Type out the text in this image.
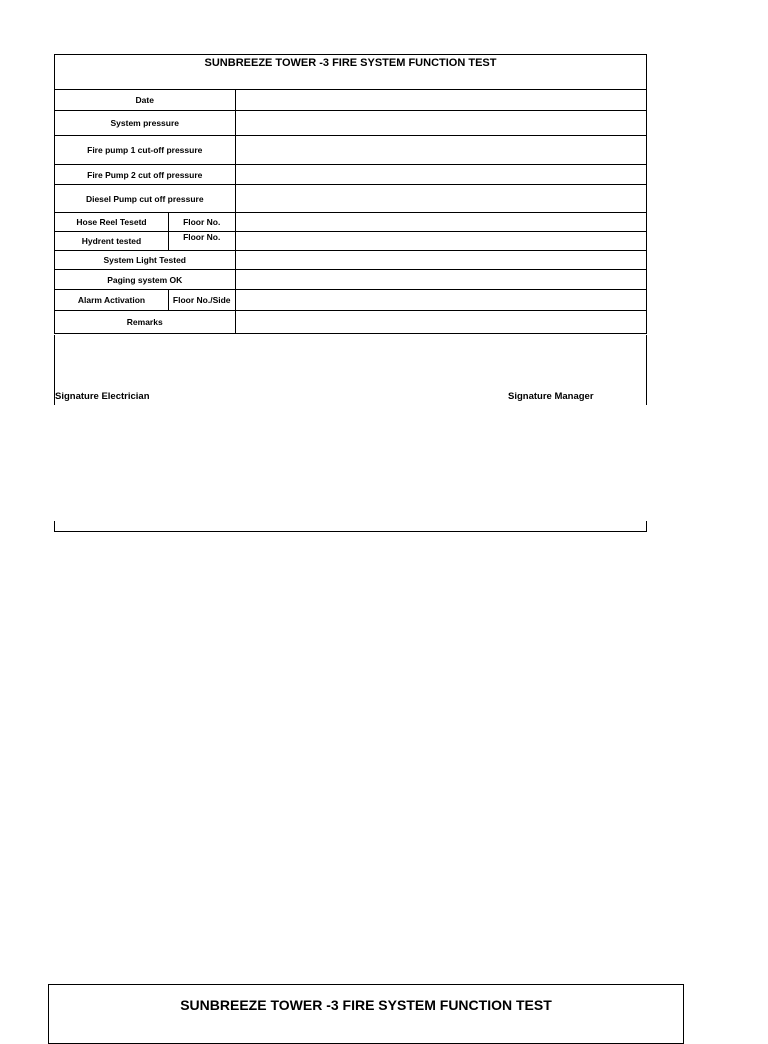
SUNBREEZE TOWER -3 FIRE SYSTEM FUNCTION TEST
Date		
System pressure		
Fire pump 1 cut-off pressure		
Fire Pump 2 cut off pressure		
Diesel Pump cut off pressure		
Hose Reel Tesetd	Floor No.	
Hydrent tested	Floor No.	
System Light Tested		
Paging system OK		
Alarm Activation	Floor No./Side	
Remarks		
Signature Electrician	Signature Manager
SUNBREEZE TOWER -3 FIRE SYSTEM FUNCTION TEST
